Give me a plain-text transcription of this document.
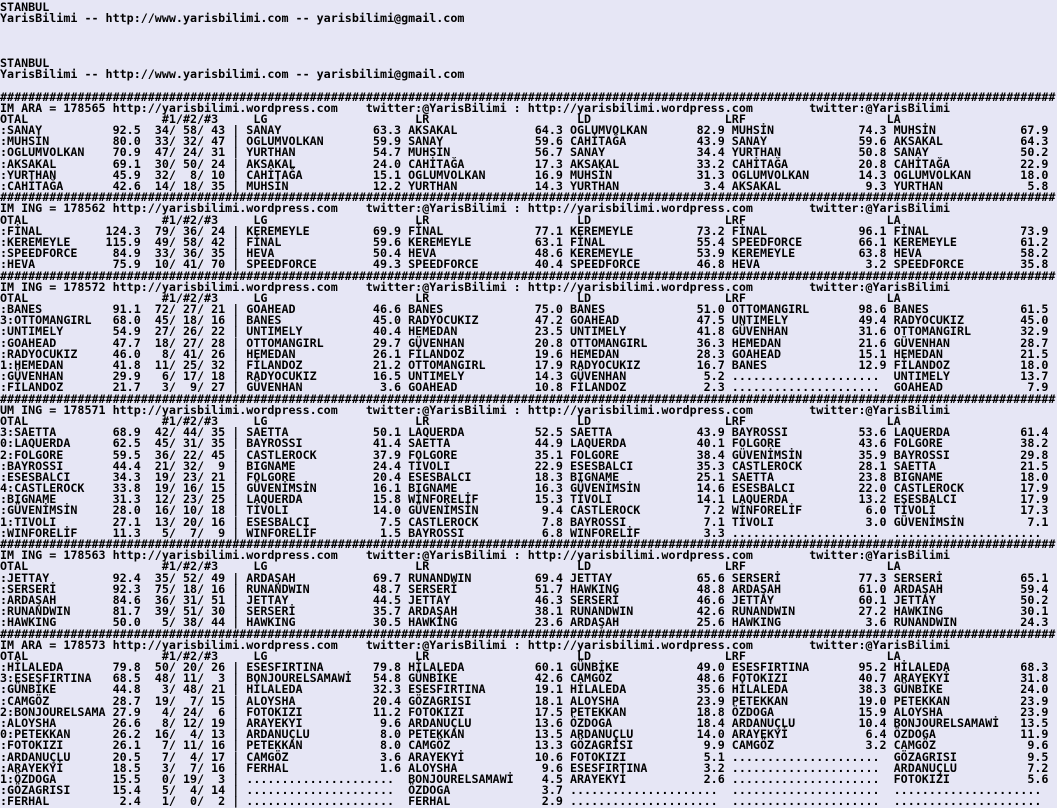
STANBUL
YarisBilimi -- http://www.yarisbilimi.com -- yarisbilimi@gmail.com
STANBUL
YarisBilimi -- http://www.yarisbilimi.com -- yarisbilimi@gmail.com
######################################################################################################################################################
IM ARA = 178565 http://yarisbilimi.wordpress.com    twitter:@YarisBilimi : http://yarisbilimi.wordpress.com        twitter:@YarisBilimi
OTAL                   #1/#2/#3     LG                     LR                     LD                   LRF                    LA
:SANAY          92.5  34/ 58/ 43 | SANAY             63.3 AKSAKAL           64.3 OGLUMVOLKAN       82.9 MUHSİN            74.3 MUHSİN            67.9
:MUHSİN         80.0  33/ 32/ 47 | OGLUMVOLKAN       59.9 SANAY             59.6 CAHİTAĞA          43.9 SANAY             59.6 AKSAKAL           64.3
:OGLUMVOLKAN    70.9  47/ 24/ 31 | YURTHAN           54.7 MUHSİN            56.7 SANAY             34.4 YURTHAN           50.8 SANAY             50.2
:AKSAKAL        69.1  30/ 50/ 24 | AKSAKAL           24.0 CAHİTAĞA          17.3 AKSAKAL           33.2 CAHİTAĞA          20.8 CAHİTAĞA          22.9
:YURTHAN        45.9  32/  8/ 10 | CAHİTAĞA          15.1 OGLUMVOLKAN       16.9 MUHSİN            31.3 OGLUMVOLKAN       14.3 OGLUMVOLKAN       18.0
:CAHİTAĞA       42.6  14/ 18/ 35 | MUHSİN            12.2 YURTHAN           14.3 YURTHAN            3.4 AKSAKAL            9.3 YURTHAN            5.8
######################################################################################################################################################
IM ING = 178562 http://yarisbilimi.wordpress.com    twitter:@YarisBilimi : http://yarisbilimi.wordpress.com        twitter:@YarisBilimi
OTAL                   #1/#2/#3     LG                     LR                     LD                   LRF                    LA
:FİNAL         124.3  79/ 36/ 24 | KEREMEYLE         69.9 FİNAL             77.1 KEREMEYLE         73.2 FİNAL             96.1 FİNAL             73.9
:KEREMEYLE     115.9  49/ 58/ 42 | FİNAL             59.6 KEREMEYLE         63.1 FİNAL             55.4 SPEEDFORCE        66.1 KEREMEYLE         61.2
:SPEEDFORCE     84.9  33/ 36/ 35 | HEVA              50.4 HEVA              48.6 KEREMEYLE         53.9 KEREMEYLE         63.8 HEVA              58.2
:HEVA           75.9  10/ 41/ 70 | SPEEDFORCE        49.3 SPEEDFORCE        40.4 SPEEDFORCE        46.8 HEVA               3.2 SPEEDFORCE        35.8
######################################################################################################################################################
IM ING = 178572 http://yarisbilimi.wordpress.com    twitter:@YarisBilimi : http://yarisbilimi.wordpress.com        twitter:@YarisBilimi
OTAL                   #1/#2/#3     LG                     LR                     LD                   LRF                    LA
:BANES          91.1  72/ 27/ 21 | GOAHEAD           46.6 BANES             75.0 BANES             51.0 OTTOMANGIRL       98.6 BANES             61.5
3:OTTOMANGIRL   68.0  45/ 18/ 16 | BANES             45.0 RADYOCUKIZ        47.2 GOAHEAD           47.5 UNTIMELY          49.4 RADYOCUKIZ        45.0
:UNTIMELY       54.9  27/ 26/ 22 | UNTIMELY          40.4 HEMEDAN           23.5 UNTIMELY          41.8 GÜVENHAN          31.6 OTTOMANGIRL       32.9
:GOAHEAD        47.7  18/ 27/ 28 | OTTOMANGIRL       29.7 GÜVENHAN          20.8 OTTOMANGIRL       36.3 HEMEDAN           21.6 GÜVENHAN          28.7
:RADYOCUKIZ     46.0   8/ 41/ 26 | HEMEDAN           26.1 FİLANDOZ          19.6 HEMEDAN           28.3 GOAHEAD           15.1 HEMEDAN           21.5
1:HEMEDAN       41.8  11/ 25/ 32 | FİLANDOZ          21.2 OTTOMANGIRL       17.9 RADYOCUKIZ        16.7 BANES             12.9 FİLANDOZ          18.0
:GÜVENHAN       29.9   6/ 17/ 18 | RADYOCUKIZ        16.5 UNTIMELY          14.3 GÜVENHAN           5.2 .....................  UNTIMELY          13.7
:FİLANDOZ       21.7   3/  9/ 27 | GÜVENHAN           3.6 GOAHEAD           10.8 FİLANDOZ           2.3 .....................  GOAHEAD            7.9
######################################################################################################################################################
UM ING = 178571 http://yarisbilimi.wordpress.com    twitter:@YarisBilimi : http://yarisbilimi.wordpress.com        twitter:@YarisBilimi
OTAL                   #1/#2/#3     LG                     LR                     LD                   LRF                    LA
3:SAETTA        68.9  42/ 44/ 35 | SAETTA            50.1 LAQUERDA          52.5 SAETTA            43.9 BAYROSSI          53.6 LAQUERDA          61.4
0:LAQUERDA      62.5  45/ 31/ 35 | BAYROSSI          41.4 SAETTA            44.9 LAQUERDA          40.1 FOLGORE           43.6 FOLGORE           38.2
2:FOLGORE       59.5  36/ 22/ 45 | CASTLEROCK        37.9 FOLGORE           35.1 FOLGORE           38.4 GÜVENİMSİN        35.9 BAYROSSI          29.8
:BAYROSSI       44.4  21/ 32/  9 | BIGNAME           24.4 TİVOLI            22.9 ESESBALCI         35.3 CASTLEROCK        28.1 SAETTA            21.5
:ESESBALCI      34.3  19/ 23/ 21 | FOLGORE           20.4 ESESBALCI         18.3 BIGNAME           25.1 SAETTA            23.8 BIGNAME           18.0
4:CASTLEROCK    33.8  19/ 16/ 15 | GÜVENİMSİN        16.1 BIGNAME           16.3 GÜVENİMSİN        14.6 ESESBALCI         22.0 CASTLEROCK        17.9
:BIGNAME        31.3  12/ 23/ 25 | LAQUERDA          15.8 WİNFORELİF        15.3 TİVOLI            14.1 LAQUERDA          13.2 ESESBALCI         17.9
:GÜVENİMSİN     28.0  16/ 10/ 18 | TİVOLI            14.0 GÜVENİMSİN         9.4 CASTLEROCK         7.2 WİNFORELİF         6.0 TİVOLİ            17.3
1:TIVOLI        27.1  13/ 20/ 16 | ESESBALCI          7.5 CASTLEROCK         7.8 BAYROSSI           7.1 TİVOLI             3.0 GÜVENİMSİN         7.1
:WINFORELİF     11.3   5/  7/  9 | WINFORELİF         1.5 BAYROSSI           6.8 WINFORELİF         3.3 .....................  .....................
######################################################################################################################################################
IM ING = 178563 http://yarisbilimi.wordpress.com    twitter:@YarisBilimi : http://yarisbilimi.wordpress.com        twitter:@YarisBilimi
OTAL                   #1/#2/#3     LG                     LR                     LD                   LRF                    LA
:JETTAY         92.4  35/ 52/ 49 | ARDAŞAH           69.7 RUNANDWIN         69.4 JETTAY            65.6 SERSERİ           77.3 SERSERİ           65.1
:SERSERİ        92.3  75/ 18/ 16 | RUNANDWIN         48.7 SERSERİ           51.7 HAWKING           48.8 ARDAŞAH           61.0 ARDAŞAH           59.4
:ARDAŞAH        84.6  36/ 31/ 51 | JETTAY            44.5 JETTAY            46.3 SERSERİ           46.6 JETTAY            60.1 JETTAY            50.2
:RUNANDWIN      81.7  39/ 51/ 30 | SERSERİ           35.7 ARDAŞAH           38.1 RUNANDWIN         42.6 RUNANDWIN         27.2 HAWKING           30.1
:HAWKING        50.0   5/ 38/ 44 | HAWKING           30.5 HAWKING           23.6 ARDAŞAH           25.6 HAWKING            3.6 RUNANDWIN         24.3
######################################################################################################################################################
IM ARA = 178573 http://yarisbilimi.wordpress.com    twitter:@YarisBilimi : http://yarisbilimi.wordpress.com        twitter:@YarisBilimi
OTAL                   #1/#2/#3     LG                     LR                     LD                   LRF                    LA
:HİLALEDA       79.8  50/ 20/ 26 | ESESFIRTINA       79.8 HİLALEDA          60.1 GÜNBİKE           49.0 ESESFIRTINA       95.2 HİLALEDA          68.3
3:ESESFIRTINA   68.5  48/ 11/  3 | BONJOURELSAMAWİ   54.8 GÜNBİKE           42.6 CAMGÖZ            48.6 FOTOKIZI          40.7 ARAYEKYİ          31.8
:GÜNBİKE        44.8   3/ 48/ 21 | HİLALEDA          32.3 ESESFIRTINA       19.1 HİLALEDA          35.6 HİLALEDA          38.3 GÜNBİKE           24.0
:CAMGÖZ         28.7  19/  7/ 15 | ALOYSHA           20.4 GÖZAGRISI         18.1 ALOYSHA           23.9 PETEKKAN          19.0 PETEKKAN          23.9
2:BONJOURELSAMA 27.9   4/ 24/  6 | FOTOKIZI          11.2 FOTOKIZI          17.5 PETEKKAN          18.8 ÖZDOGA            15.9 ALOYSHA           23.9
:ALOYSHA        26.6   8/ 12/ 19 | ARAYEKYI           9.6 ARDANUÇLU         13.6 ÖZDOGA            18.4 ARDANUÇLU         10.4 BONJOURELSAMAWİ   13.5
0:PETEKKAN      26.2  16/  4/ 13 | ARDANUÇLU          8.0 PETEKKAN          13.5 ARDANUÇLU         14.0 ARAYEKYİ           6.4 ÖZDOGA            11.9
:FOTOKIZI       26.1   7/ 11/ 16 | PETEKKAN           8.0 CAMGÖZ            13.3 GÖZAGRİSI          9.9 CAMGÖZ             3.2 CAMGÖZ             9.6
:ARDANUÇLU      20.5   7/  4/ 17 | CAMGÖZ             3.6 ARAYEKYİ          10.6 FOTOKIZI           5.1 .....................  GÖZAGRISI          9.5
:ARAYEKYİ       18.5   3/  7/ 16 | FERHAL             1.6 ALOYSHA            9.6 ESESFIRTINA        3.2 .....................  ARDANUÇLU          7.2
1:ÖZDOGA        15.5   0/ 19/  3 | .....................  BONJOURELSAMAWİ    4.5 ARAYEKYİ           2.6 .....................  FOTOKIZI           5.6
:GÖZAGRISI      15.4   5/  4/ 14 | .....................  ÖZDOGA             3.7 .....................  .....................  .....................
:FERHAL          2.4   1/  0/  2 | .....................  FERHAL             2.9 .....................  .....................  .....................
